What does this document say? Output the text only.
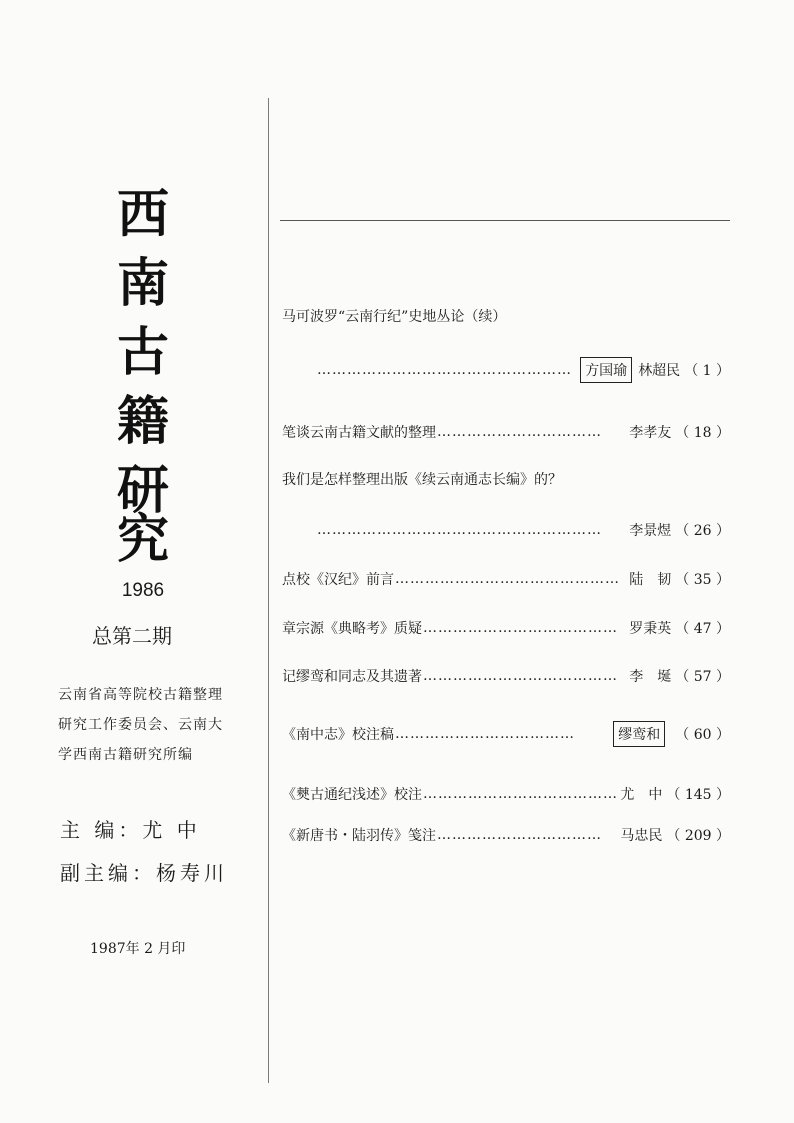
西
南
古
籍
研
究
1986
总第二期
云南省高等院校古籍整理
研究工作委员会、云南大
学西南古籍研究所编
主 编：尤 中
副主编：杨寿川
1987年 2 月印
马可波罗“云南行纪”史地丛论（续）
…………………………………………… 方国瑜 林超民 （ 1 ）
笔谈云南古籍文献的整理 ……………………………	李孝友 （ 18 ）
我们是怎样整理出版《续云南通志长编》的？
…………………………………………………	李景煜 （ 26 ）
点校《汉纪》前言 ……………………………………… 陆　韧 （ 35 ）
章宗源《典略考》质疑 ………………………………… 罗秉英 （ 47 ）
记缪鸾和同志及其遗著 ………………………………… 李　埏 （ 57 ）
《南中志》校注稿 ………………………………	缪鸾和	（ 60 ）
《僰古通纪浅述》校注 ………………………………… 尤　中 （ 145 ）
《新唐书・陆羽传》笺注 ……………………………	马忠民 （ 209 ）
